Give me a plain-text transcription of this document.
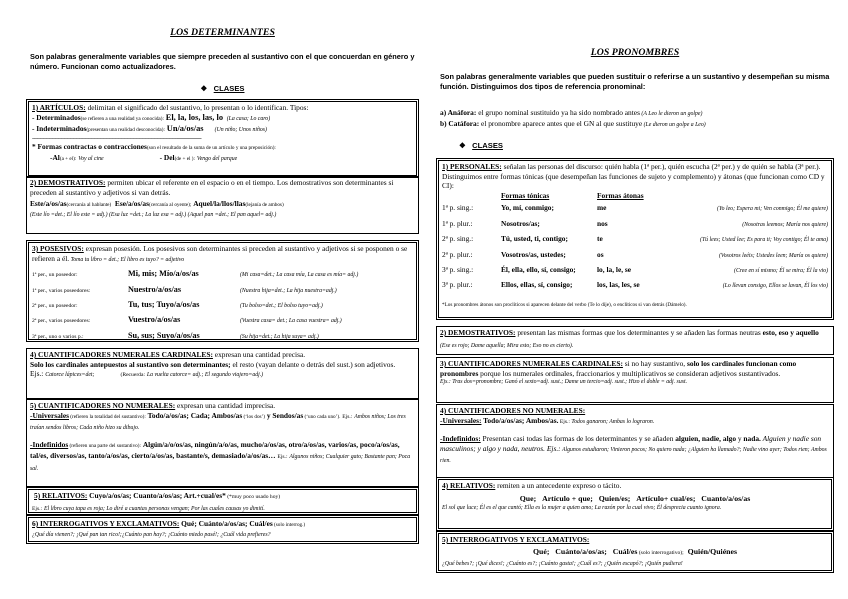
LOS DETERMINANTES
Son palabras generalmente variables que siempre preceden al sustantivo con el que concuerdan en género y número. Funcionan como actualizadores.
❖ CLASES
1) ARTÍCULOS: delimitan el significado del sustantivo, lo presentan o lo identifican. Tipos:
- Determinados (se refieren a una realidad ya conocida):
El, la, los, las, lo
(La casa; Lo caro)
- Indeterminados (presentan una realidad desconocida):
Un/a/os/as
(Un niño; Unos niños)
-----------------------------------------------------------------------------------------------------------------
* Formas contractas o contracciones (son el resultado de la suma de un artículo y una preposición):
-Al (a + el):
Voy al cine	- Del (de + el ):
Vengo del parque
2) DEMOSTRATIVOS: permiten ubicar el referente en el espacio o en el tiempo. Los demostrativos son determinantes si preceden al sustantivo y adjetivos si van detrás.
Este/a/os/as (cercanía al hablante)
Ese/a/os/as (cercanía al oyente);
Aquel/la/llos/llas (lejanía de ambos)
(Este lío =det.; El lío este = adj.) (Esa luz =det.; La luz esa = adj.) (Aquel pan =det.; El pan aquel= adj.)
3) POSESIVOS: expresan posesión. Los posesivos son determinantes si preceden al sustantivo y adjetivos si se posponen o se refieren a él. Toma tu libro = det.; El libro es tuyo? = adjetivo
1ª per., un poseedor:	Mi, mis; Mío/a/os/as	(Mi casa=det.; La casa mía, La casa es mía= adj.)
1ª per., varios poseedores:	Nuestro/a/os/as	(Nuestra hija=det.; La hija nuestra=adj.)
2ª per., un poseedor:	Tu, tus; Tuyo/a/os/as	(Tu bolso=det.; El bolso tuyo=adj.)
2ª per., varios poseedores:	Vuestro/a/os/as	(Vuestra casa= det.; La casa vuestra= adj.)
3ª per., uno o varios p.:	Su, sus; Suyo/a/os/as	(Su hija=det.; La hija suya= adj.)
4) CUANTIFICADORES NUMERALES CARDINALES: expresan una cantidad precisa.
Solo los cardinales antepuestos al sustantivo son determinantes; el resto (vayan delante o detrás del sust.) son adjetivos.
Ejs.:
Catorce lápices=det;	(Recuerda:
La vuelta catorce= adj.; El segundo viajero=adj.)
5) CUANTIFICADORES NO NUMERALES: expresan una cantidad imprecisa.
-Universales (refieren la totalidad del sustantivo): Todo/a/os/as; Cada; Ambos/as (‘los dos’) y Sendos/as (‘uno cada uno’). Ejs.: Ambos niños; Los tres traían sendos libros; Cada niño hizo su dibujo.
-Indefinidos (refieren una parte del sustantivo): Algún/a/o/os/as, ningún/a/o/as, mucho/a/os/as, otro/a/os/as, varios/as, poco/a/os/as, tal/es, diversos/as, tanto/a/os/as, cierto/a/os/as, bastante/s, demasiado/a/os/as… Ejs.: Algunos niños; Cualquier gato; Bastante pan; Poca sal.
5) RELATIVOS: Cuyo/a/os/as; Cuanto/a/os/as; Art.+cual/es* (*muy poco usado hoy)
Ejs.:
El libro cuya tapa es roja; Lo diré a cuantas personas vengan; Por las cuales causas yo dimití.
6) INTERROGATIVOS Y EXCLAMATIVOS: Qué; Cuánto/a/os/as; Cuál/es (solo interrog.)
¿Qué día vienen?; ¡Qué pan tan rico!;¿Cuánto pan hay?; ¡Cuánto miedo pasé!; ¿Cuál vida prefieres?
LOS PRONOMBRES
Son palabras generalmente variables que pueden sustituir o referirse a un sustantivo y desempeñan su misma función. Distinguimos dos tipos de referencia pronominal:
a) Anáfora: el grupo nominal sustituido ya ha sido nombrado antes (A Leo le dieron un golpe)
b) Catáfora: el pronombre aparece antes que el GN al que sustituye (Le dieron un golpe a Leo)
❖ CLASES
1) PERSONALES: señalan las personas del discurso: quién habla (1ª per.), quién escucha (2ª per.) y de quién se habla (3ª per.). Distinguimos entre formas tónicas (que desempeñan las funciones de sujeto y complemento) y átonas (que funcionan como CD y CI):
Formas tónicas	Formas átonas
1ª p. sing.:	Yo, mí, conmigo;	me	(Yo leo; Espera mi; Ven conmigo; Él me quiere)
1ª p. plur.:	Nosotros/as;	nos	(Nosotras leemos; María nos quiere)
2ª p. sing.:	Tú, usted, ti, contigo;	te	(Tú lees; Usted lee; Es para ti; Voy contigo; Él te ama)
2ª p. plur.:	Vosotros/as, ustedes;	os	(Vosotros leéis; Ustedes leen; María os quiere)
3ª p. sing.:	Él, ella, ello, sí, consigo;	lo, la, le, se	(Cree en sí mismo; Él se mira; Él la vio)
3ª p. plur.:	Ellos, ellas, sí, consigo;	los, las, les, se	(Lo llevan consigo, Ellos se lavan, Él los vio)
*Los pronombres átonos son proclíticos si aparecen delante del verbo (Te lo dije), o enclíticos si van detrás (Dámelo).
2) DEMOSTRATIVOS: presentan las mismas formas que los determinantes y se añaden las formas neutras esto, eso y aquello (Ese es rojo; Dame aquella; Mira esto; Eso no es cierto).
3) CUANTIFICADORES NUMERALES CARDINALES: si no hay sustantivo, solo los cardinales funcionan como pronombres porque los numerales ordinales, fraccionarios y multiplicativos se consideran adjetivos sustantivados.
Ejs.: Tras dos=pronombre; Ganó el sexto=adj. sust.; Dame un tercio=adj. sust.; Hizo el doble = adj. sust.
4) CUANTIFICADORES NO NUMERALES:
-Universales: Todo/a/os/as; Ambos/as. Ejs.: Todos ganaron; Ambas lo lograron.
-Indefinidos: Presentan casi todas las formas de los determinantes y se añaden alguien, nadie, algo y nada. Alguien y nadie son masculinos; y algo y nada, neutros. Ejs.: Algunos estudiaron; Vinieron pocos; No quiero nada; ¿Alguien ha llamado?; Nadie vino ayer; Todos rien; Ambos rien.
4) RELATIVOS: remiten a un antecedente expreso o tácito.
Que; Artículo + que; Quien/es; Artículo+ cual/es; Cuanto/a/os/as
El sol que luce; Él es el que cantó; Ella es la mujer a quien amo; La razón por la cual vivo; Él desprecia cuanto ignora.
5) INTERROGATIVOS Y EXCLAMATIVOS:
Qué; Cuánto/a/os/as; Cuál/es (solo interrogativo); Quién/Quiénes
¿Qué bebes?; ¡Qué dices!; ¿Cuánto es?; ¡Cuánto gasta!; ¿Cuál es?; ¿Quién escapó?; ¡Quién pudiera!
